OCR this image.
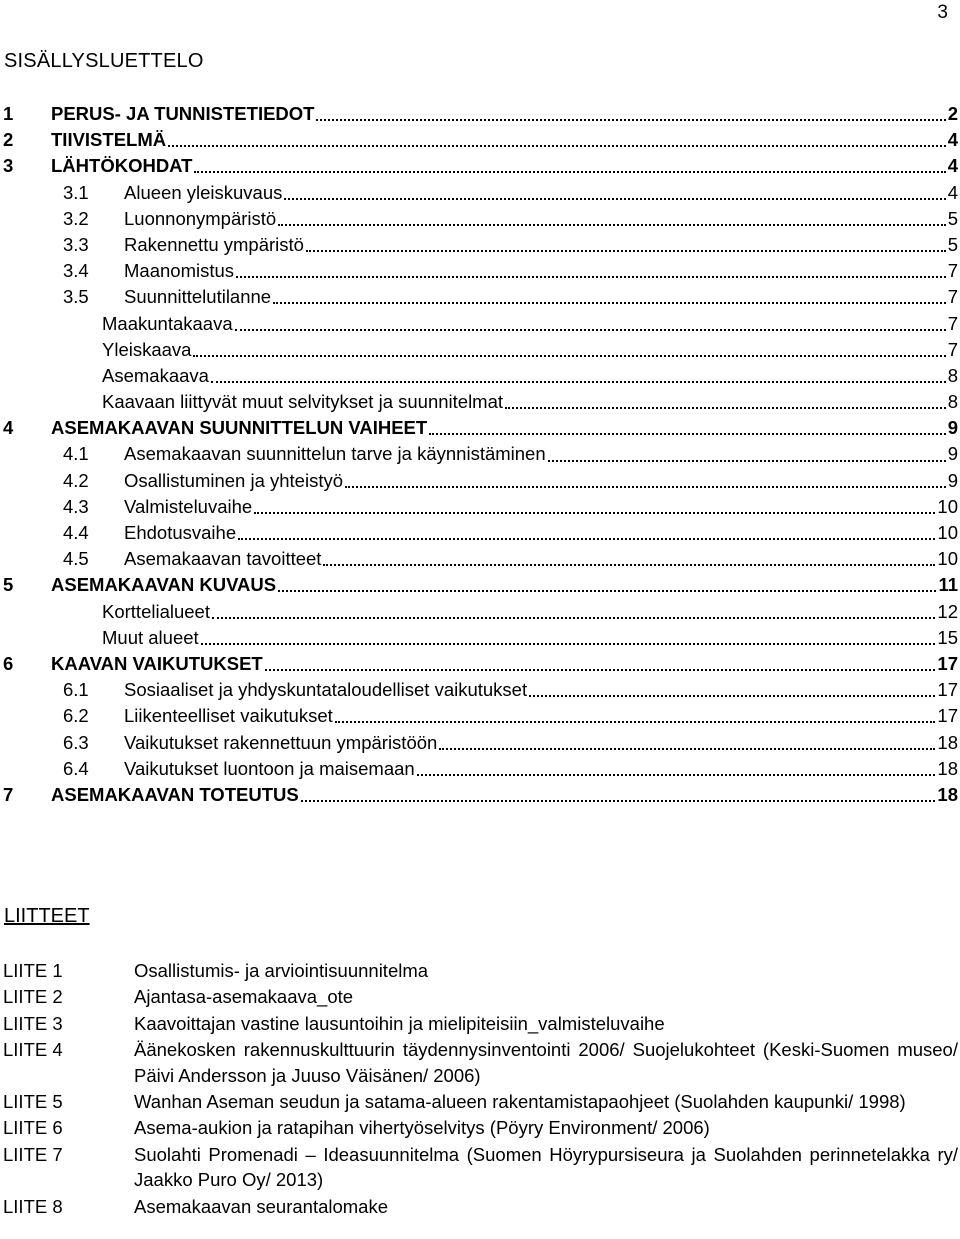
3
SISÄLLYSLUETTELO
1	PERUS- JA TUNNISTETIEDOT	2
2	TIIVISTELMÄ	4
3	LÄHTÖKOHDAT	4
3.1	Alueen yleiskuvaus	4
3.2	Luonnonympäristö	5
3.3	Rakennettu ympäristö	5
3.4	Maanomistus	7
3.5	Suunnittelutilanne	7
Maakuntakaava	7
Yleiskaava	7
Asemakaava	8
Kaavaan liittyvät muut selvitykset ja suunnitelmat	8
4	ASEMAKAAVAN SUUNNITTELUN VAIHEET	9
4.1	Asemakaavan suunnittelun tarve ja käynnistäminen	9
4.2	Osallistuminen ja yhteistyö	9
4.3	Valmisteluvaihe	10
4.4	Ehdotusvaihe	10
4.5	Asemakaavan tavoitteet	10
5	ASEMAKAAVAN KUVAUS	11
Korttelialueet	12
Muut alueet	15
6	KAAVAN VAIKUTUKSET	17
6.1	Sosiaaliset ja yhdyskuntataloudelliset vaikutukset	17
6.2	Liikenteelliset vaikutukset	17
6.3	Vaikutukset rakennettuun ympäristöön	18
6.4	Vaikutukset luontoon ja maisemaan	18
7	ASEMAKAAVAN TOTEUTUS	18
LIITTEET
LIITE 1	Osallistumis- ja arviointisuunnitelma
LIITE 2	Ajantasa-asemakaava_ote
LIITE 3	Kaavoittajan vastine lausuntoihin ja mielipiteisiin_valmisteluvaihe
LIITE 4	Äänekosken rakennuskulttuurin täydennysinventointi 2006/ Suojelukohteet (Keski-Suomen museo/ Päivi Andersson ja Juuso Väisänen/ 2006)
LIITE 5	Wanhan Aseman seudun ja satama-alueen rakentamistapaohjeet (Suolahden kaupunki/ 1998)
LIITE 6	Asema-aukion ja ratapihan vihertyöselvitys (Pöyry Environment/ 2006)
LIITE 7	Suolahti Promenadi – Ideasuunnitelma (Suomen Höyrypursiseura ja Suolahden perinnetelakka ry/ Jaakko Puro Oy/ 2013)
LIITE 8	Asemakaavan seurantalomake
